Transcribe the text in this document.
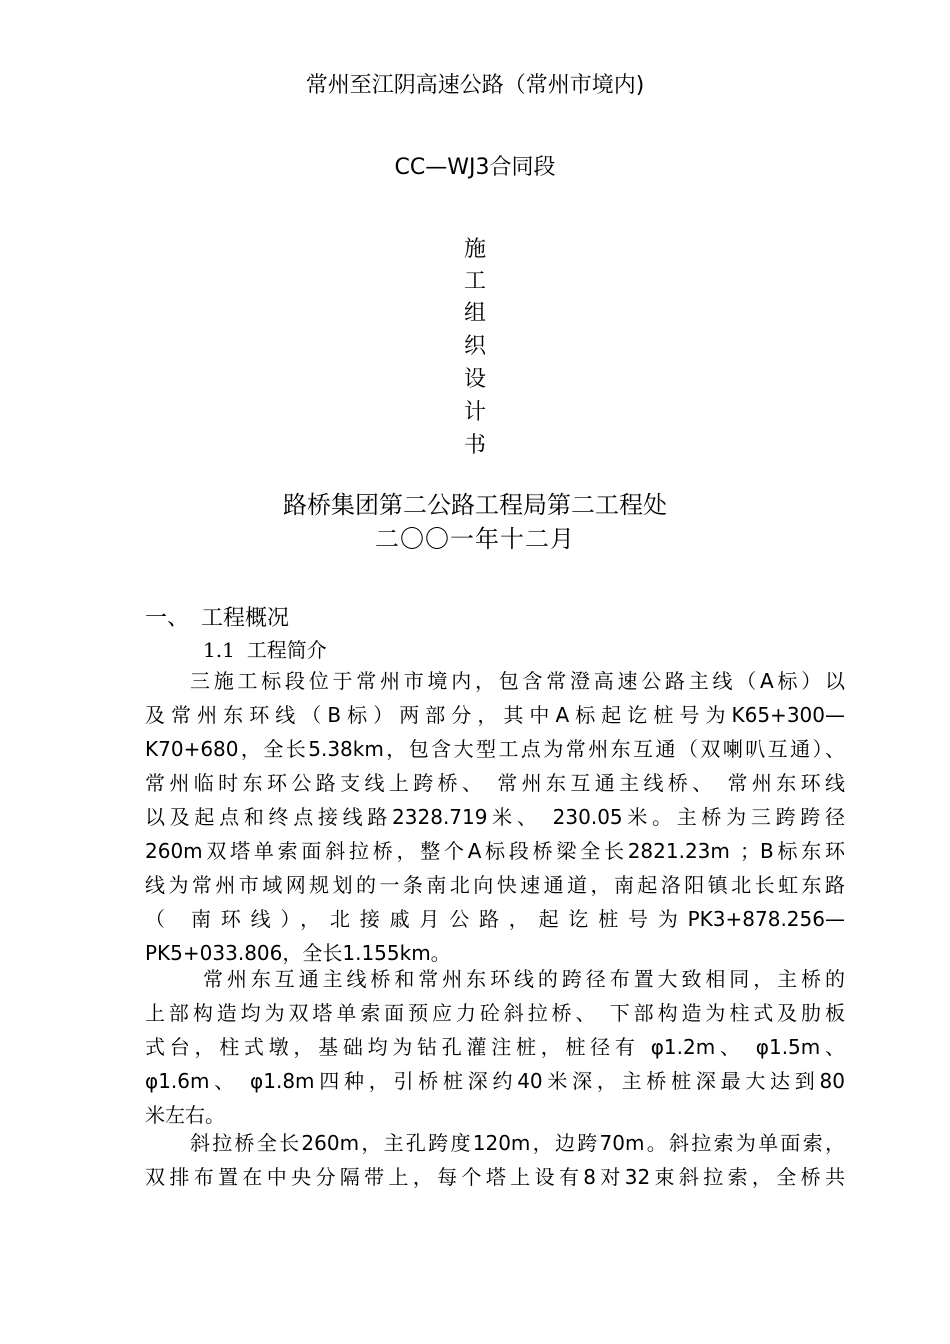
常州至江阴高速公路（常州市境内)
CC—WJ3合同段
施
工
组
织
设
计
书
路桥集团第二公路工程局第二工程处
二〇〇一年十二月
一、 工程概况
1.1 工程简介
三施工标段位于常州市境内，包含常澄高速公路主线（A标）以
及常州东环线（B标）两部分，其中A标起讫桩号为K65+300—
K70+680，全长5.38km，包含大型工点为常州东互通（双喇叭互通）、
常州临时东环公路支线上跨桥、 常州东互通主线桥、 常州东环线
以及起点和终点接线路2328.719米、 230.05米。主桥为三跨跨径
260m双塔单索面斜拉桥，整个A标段桥梁全长2821.23m ；B标东环
线为常州市域网规划的一条南北向快速通道，南起洛阳镇北长虹东路
（ 南环线），北接戚月公路，起讫桩号为PK3+878.256—
PK5+033.806，全长1.155km。
常州东互通主线桥和常州东环线的跨径布置大致相同，主桥的
上部构造均为双塔单索面预应力砼斜拉桥、 下部构造为柱式及肋板
式台，柱式墩，基础均为钻孔灌注桩，桩径有 φ1.2m、 φ1.5m、
φ1.6m、 φ1.8m四种，引桥桩深约40米深，主桥桩深最大达到80
米左右。
斜拉桥全长260m，主孔跨度120m，边跨70m。斜拉索为单面索，
双排布置在中央分隔带上，每个塔上设有8对32束斜拉索，全桥共
